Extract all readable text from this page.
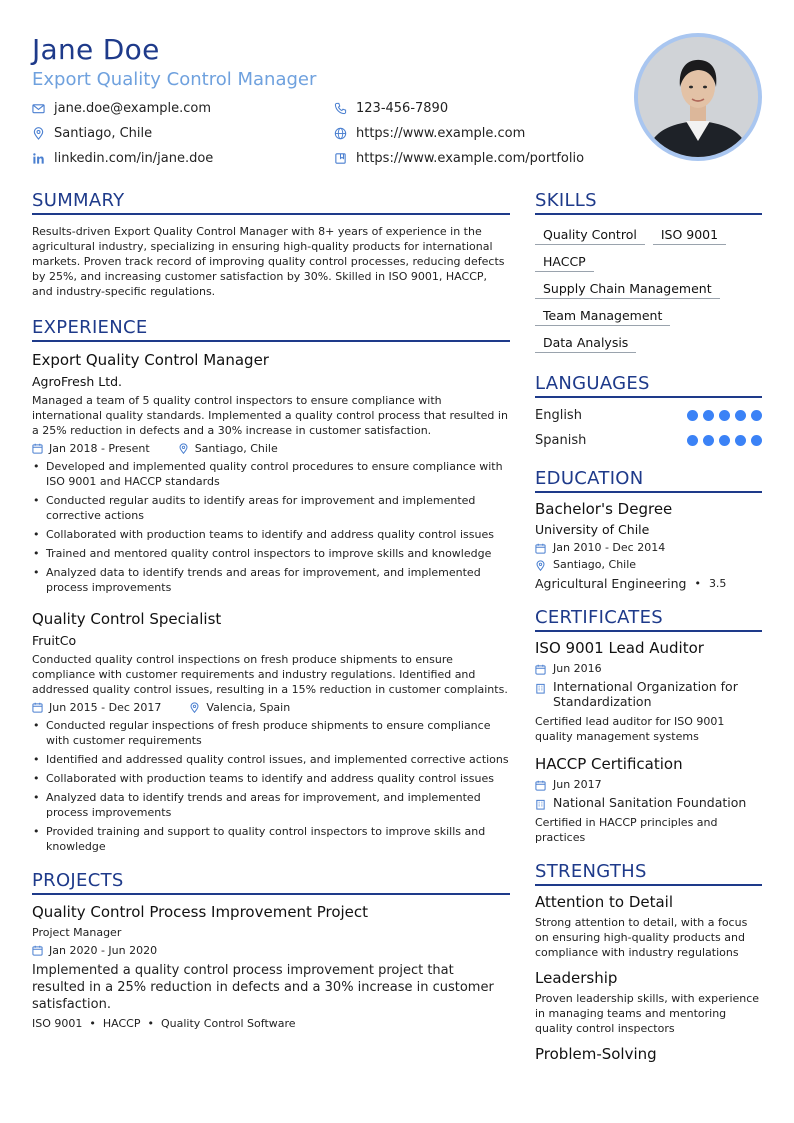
Jane Doe
Export Quality Control Manager
jane.doe@example.com	123-456-7890
Santiago, Chile	https://www.example.com
linkedin.com/in/jane.doe	https://www.example.com/portfolio
SUMMARY
Results-driven Export Quality Control Manager with 8+ years of experience in the agricultural industry, specializing in ensuring high-quality products for international markets. Proven track record of improving quality control processes, reducing defects by 25%, and increasing customer satisfaction by 30%. Skilled in ISO 9001, HACCP, and industry-specific regulations.
EXPERIENCE
Export Quality Control Manager
AgroFresh Ltd.
Managed a team of 5 quality control inspectors to ensure compliance with international quality standards. Implemented a quality control process that resulted in a 25% reduction in defects and a 30% increase in customer satisfaction.
Jan 2018 - Present	Santiago, Chile
• Developed and implemented quality control procedures to ensure compliance with ISO 9001 and HACCP standards
• Conducted regular audits to identify areas for improvement and implemented corrective actions
• Collaborated with production teams to identify and address quality control issues
• Trained and mentored quality control inspectors to improve skills and knowledge
• Analyzed data to identify trends and areas for improvement, and implemented process improvements
Quality Control Specialist
FruitCo
Conducted quality control inspections on fresh produce shipments to ensure compliance with customer requirements and industry regulations. Identified and addressed quality control issues, resulting in a 15% reduction in customer complaints.
Jun 2015 - Dec 2017	Valencia, Spain
• Conducted regular inspections of fresh produce shipments to ensure compliance with customer requirements
• Identified and addressed quality control issues, and implemented corrective actions
• Collaborated with production teams to identify and address quality control issues
• Analyzed data to identify trends and areas for improvement, and implemented process improvements
• Provided training and support to quality control inspectors to improve skills and knowledge
PROJECTS
Quality Control Process Improvement Project
Project Manager
Jan 2020 - Jun 2020
Implemented a quality control process improvement project that resulted in a 25% reduction in defects and a 30% increase in customer satisfaction.
ISO 9001 • HACCP • Quality Control Software
SKILLS
Quality Control ISO 9001
HACCP
Supply Chain Management
Team Management
Data Analysis
LANGUAGES
English
Spanish
EDUCATION
Bachelor's Degree
University of Chile
Jan 2010 - Dec 2014
Santiago, Chile
Agricultural Engineering • 3.5
CERTIFICATES
ISO 9001 Lead Auditor
Jun 2016
International Organization for Standardization
Certified lead auditor for ISO 9001 quality management systems
HACCP Certification
Jun 2017
National Sanitation Foundation
Certified in HACCP principles and practices
STRENGTHS
Attention to Detail
Strong attention to detail, with a focus on ensuring high-quality products and compliance with industry regulations
Leadership
Proven leadership skills, with experience in managing teams and mentoring quality control inspectors
Problem-Solving
